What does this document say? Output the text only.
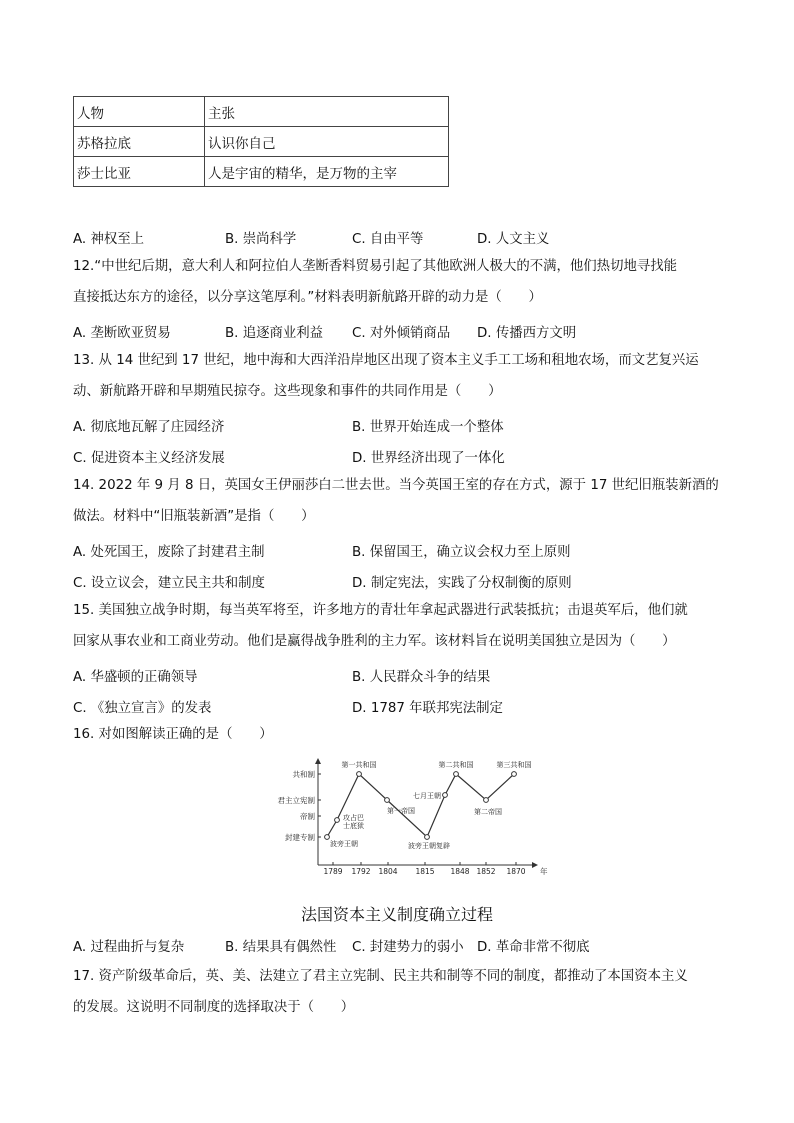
人物	主张
苏格拉底	认识你自己
莎士比亚	人是宇宙的精华，是万物的主宰
A. 神权至上	B. 崇尚科学	C. 自由平等	D. 人文主义
12.“中世纪后期，意大利人和阿拉伯人垄断香料贸易引起了其他欧洲人极大的不满，他们热切地寻找能
直接抵达东方的途径，以分享这笔厚利。”材料表明新航路开辟的动力是（　　）
A. 垄断欧亚贸易	B. 追逐商业利益 C. 对外倾销商品 D. 传播西方文明
13. 从 14 世纪到 17 世纪，地中海和大西洋沿岸地区出现了资本主义手工工场和租地农场，而文艺复兴运
动、新航路开辟和早期殖民掠夺。这些现象和事件的共同作用是（　　）
A. 彻底地瓦解了庄园经济	B. 世界开始连成一个整体
C. 促进资本主义经济发展	D. 世界经济出现了一体化
14. 2022 年 9 月 8 日，英国女王伊丽莎白二世去世。当今英国王室的存在方式，源于 17 世纪旧瓶装新酒的
做法。材料中“旧瓶装新酒”是指（　　）
A. 处死国王，废除了封建君主制	B. 保留国王，确立议会权力至上原则
C. 设立议会，建立民主共和制度	D. 制定宪法，实践了分权制衡的原则
15. 美国独立战争时期，每当英军将至，许多地方的青壮年拿起武器进行武装抵抗；击退英军后，他们就
回家从事农业和工商业劳动。他们是赢得战争胜利的主力军。该材料旨在说明美国独立是因为（　　）
A. 华盛顿的正确领导	B. 人民群众斗争的结果
C. 《独立宣言》的发表	D. 1787 年联邦宪法制定
16. 对如图解读正确的是（　　）
封建专制
帝制
君主立宪制
共和制
1789 1792 1804 1815 1848 1852 1870 年
波旁王朝
攻占巴
士底狱
第一共和国
第一帝国
波旁王朝复辟
七月王朝
第二共和国
第二帝国
第三共和国
法国资本主义制度确立过程
A. 过程曲折与复杂	B. 结果具有偶然性 C. 封建势力的弱小 D. 革命非常不彻底
17. 资产阶级革命后，英、美、法建立了君主立宪制、民主共和制等不同的制度，都推动了本国资本主义
的发展。这说明不同制度的选择取决于（　　）
